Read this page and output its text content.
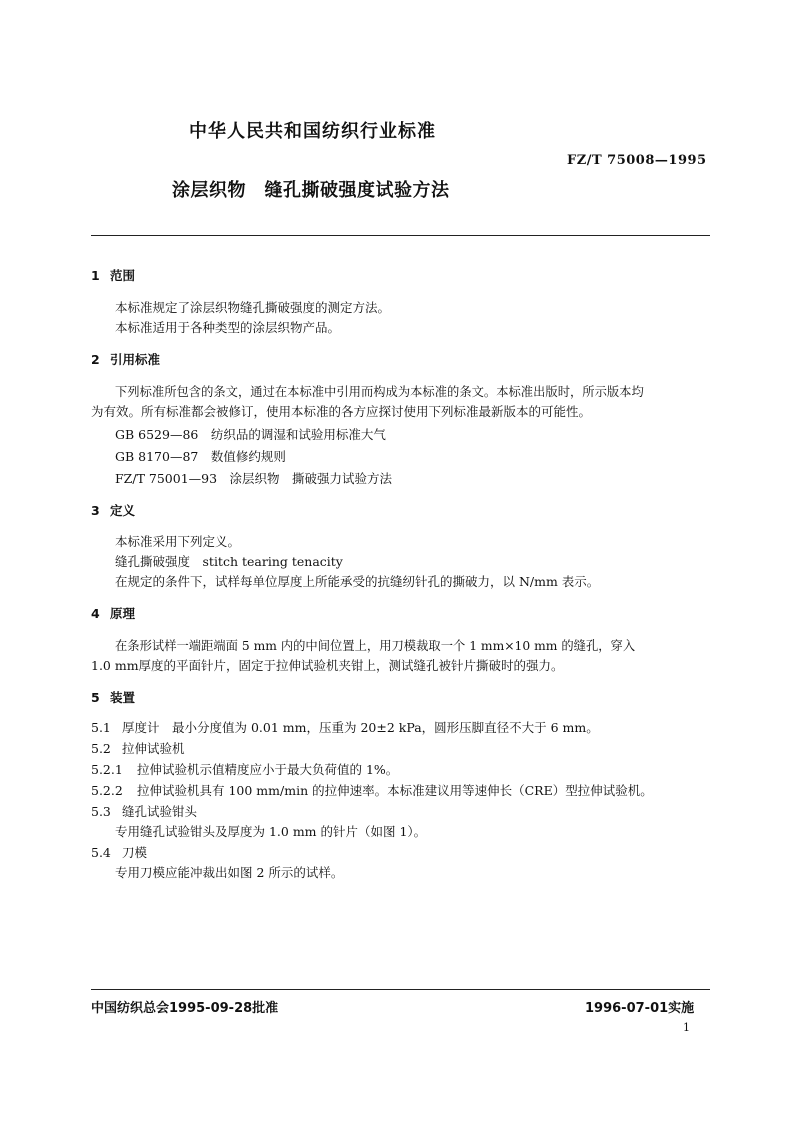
中华人民共和国纺织行业标准
FZ/T 75008—1995
涂层织物　缝孔撕破强度试验方法
1 范围
本标准规定了涂层织物缝孔撕破强度的测定方法。
本标准适用于各种类型的涂层织物产品。
2 引用标准
下列标准所包含的条文，通过在本标准中引用而构成为本标准的条文。本标准出版时，所示版本均
为有效。所有标准都会被修订，使用本标准的各方应探讨使用下列标准最新版本的可能性。
GB 6529—86　纺织品的调湿和试验用标准大气
GB 8170—87　数值修约规则
FZ/T 75001—93　涂层织物　撕破强力试验方法
3 定义
本标准采用下列定义。
缝孔撕破强度　stitch tearing tenacity
在规定的条件下，试样每单位厚度上所能承受的抗缝纫针孔的撕破力，以 N/mm 表示。
4 原理
在条形试样一端距端面 5 mm 内的中间位置上，用刀模裁取一个 1 mm×10 mm 的缝孔，穿入
1.0 mm厚度的平面针片，固定于拉伸试验机夹钳上，测试缝孔被针片撕破时的强力。
5 装置
5.1 厚度计　最小分度值为 0.01 mm，压重为 20±2 kPa，圆形压脚直径不大于 6 mm。
5.2 拉伸试验机
5.2.1 拉伸试验机示值精度应小于最大负荷值的 1%。
5.2.2 拉伸试验机具有 100 mm/min 的拉伸速率。本标准建议用等速伸长（CRE）型拉伸试验机。
5.3 缝孔试验钳头
专用缝孔试验钳头及厚度为 1.0 mm 的针片（如图 1）。
5.4 刀模
专用刀模应能冲裁出如图 2 所示的试样。
中国纺织总会1995-09-28批准	1996-07-01实施
1
